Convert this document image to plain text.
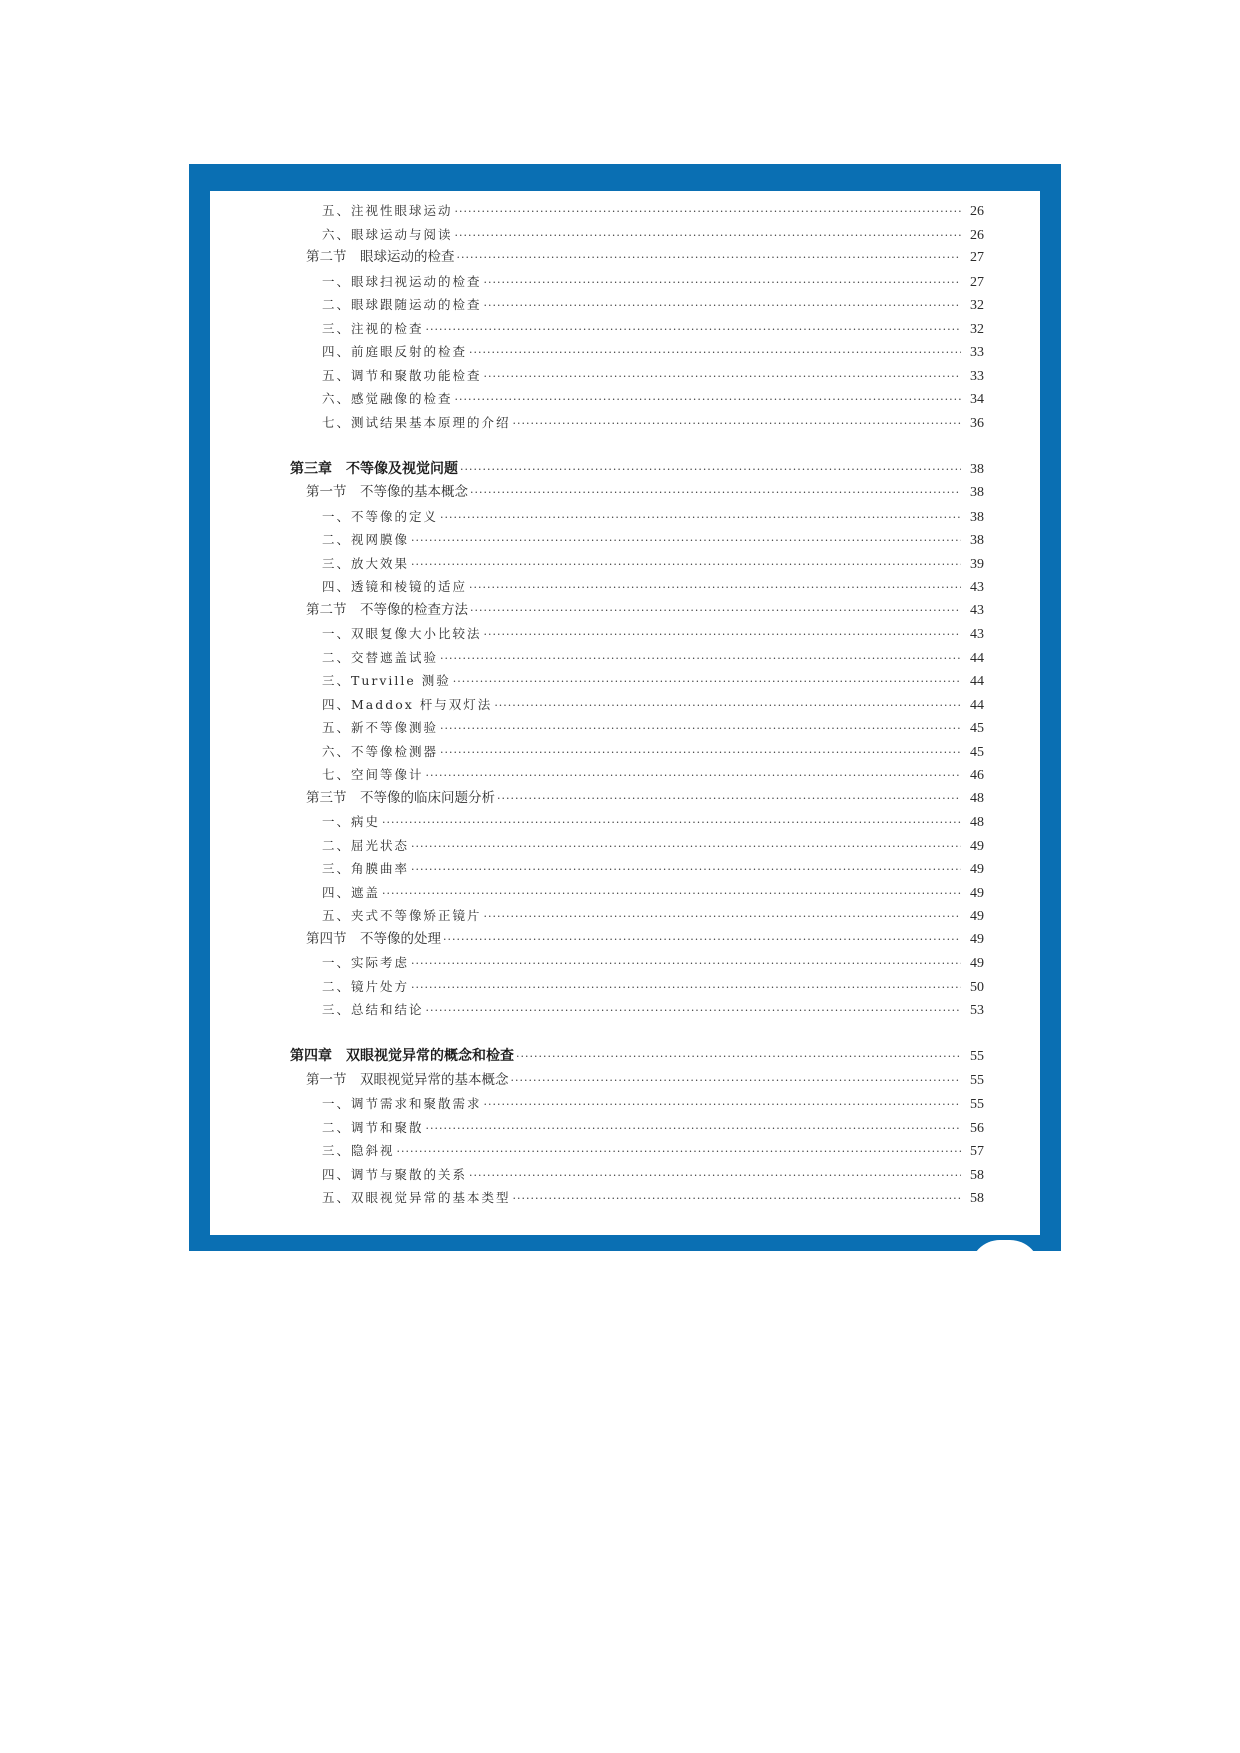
五、注视性眼球运动 ·····	26
六、眼球运动与阅读 ·····	26
第二节　眼球运动的检查 ·····	27
一、眼球扫视运动的检查 ·····	27
二、眼球跟随运动的检查 ·····	32
三、注视的检查 ·····	32
四、前庭眼反射的检查 ·····	33
五、调节和聚散功能检查 ·····	33
六、感觉融像的检查 ·····	34
七、测试结果基本原理的介绍 ·····	36
第三章　不等像及视觉问题 ·····	38
第一节　不等像的基本概念 ·····	38
一、不等像的定义 ·····	38
二、视网膜像 ·····	38
三、放大效果 ·····	39
四、透镜和棱镜的适应 ·····	43
第二节　不等像的检查方法 ·····	43
一、双眼复像大小比较法 ·····	43
二、交替遮盖试验 ·····	44
三、Turville 测验 ·····	44
四、Maddox 杆与双灯法 ·····	44
五、新不等像测验 ·····	45
六、不等像检测器 ·····	45
七、空间等像计 ·····	46
第三节　不等像的临床问题分析 ·····	48
一、病史 ·····	48
二、屈光状态 ·····	49
三、角膜曲率 ·····	49
四、遮盖 ·····	49
五、夹式不等像矫正镜片 ·····	49
第四节　不等像的处理 ·····	49
一、实际考虑 ·····	49
二、镜片处方 ·····	50
三、总结和结论 ·····	53
第四章　双眼视觉异常的概念和检查 ·····	55
第一节　双眼视觉异常的基本概念 ·····	55
一、调节需求和聚散需求 ·····	55
二、调节和聚散 ·····	56
三、隐斜视 ·····	57
四、调节与聚散的关系 ·····	58
五、双眼视觉异常的基本类型 ·····	58
